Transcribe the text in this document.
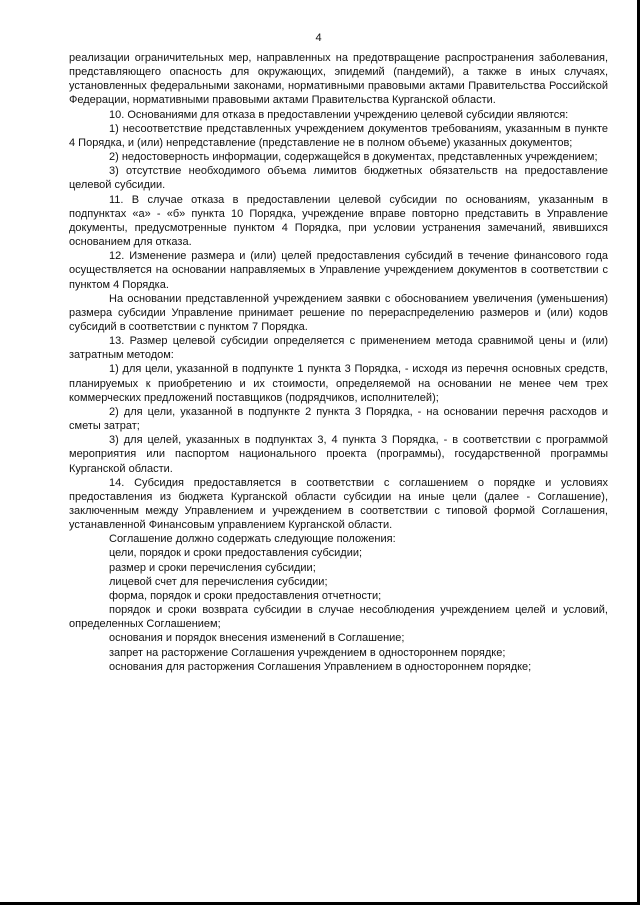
4

реализации ограничительных мер, направленных на предотвращение распространения заболевания, представляющего опасность для окружающих, эпидемий (пандемий), а также в иных случаях, установленных федеральными законами, нормативными правовыми актами Правительства Российской Федерации, нормативными правовыми актами Правительства Курганской области.

10. Основаниями для отказа в предоставлении учреждению целевой субсидии являются:

1) несоответствие представленных учреждением документов требованиям, указанным в пункте 4 Порядка, и (или) непредставление (представление не в полном объеме) указанных документов;

2) недостоверность информации, содержащейся в документах, представленных учреждением;

3) отсутствие необходимого объема лимитов бюджетных обязательств на предоставление целевой субсидии.

11. В случае отказа в предоставлении целевой субсидии по основаниям, указанным в подпунктах «а» - «б» пункта 10 Порядка, учреждение вправе повторно представить в Управление документы, предусмотренные пунктом 4 Порядка, при условии устранения замечаний, явившихся основанием для отказа.

12. Изменение размера и (или) целей предоставления субсидий в течение финансового года осуществляется на основании направляемых в Управление учреждением документов в соответствии с пунктом 4 Порядка.

На основании представленной учреждением заявки с обоснованием увеличения (уменьшения) размера субсидии Управление принимает решение по перераспределению размеров и (или) кодов субсидий в соответствии с пунктом 7 Порядка.

13. Размер целевой субсидии определяется с применением метода сравнимой цены и (или) затратным методом:

1) для цели, указанной в подпункте 1 пункта 3 Порядка, - исходя из перечня основных средств, планируемых к приобретению и их стоимости, определяемой на основании не менее чем трех коммерческих предложений поставщиков (подрядчиков, исполнителей);

2) для цели, указанной в подпункте 2 пункта 3 Порядка, - на основании перечня расходов и сметы затрат;

3) для целей, указанных в подпунктах 3, 4 пункта 3 Порядка, - в соответствии с программой мероприятия или паспортом национального проекта (программы), государственной программы Курганской области.

14. Субсидия предоставляется в соответствии с соглашением о порядке и условиях предоставления из бюджета Курганской области субсидии на иные цели (далее - Соглашение), заключенным между Управлением и учреждением в соответствии с типовой формой Соглашения, устанавленной Финансовым управлением Курганской области.

Соглашение должно содержать следующие положения:

цели, порядок и сроки предоставления субсидии;

размер и сроки перечисления субсидии;

лицевой счет для перечисления субсидии;

форма, порядок и сроки предоставления отчетности;

порядок и сроки возврата субсидии в случае несоблюдения учреждением целей и условий, определенных Соглашением;

основания и порядок внесения изменений в Соглашение;

запрет на расторжение Соглашения учреждением в одностороннем порядке;

основания для расторжения Соглашения Управлением в одностороннем порядке;
